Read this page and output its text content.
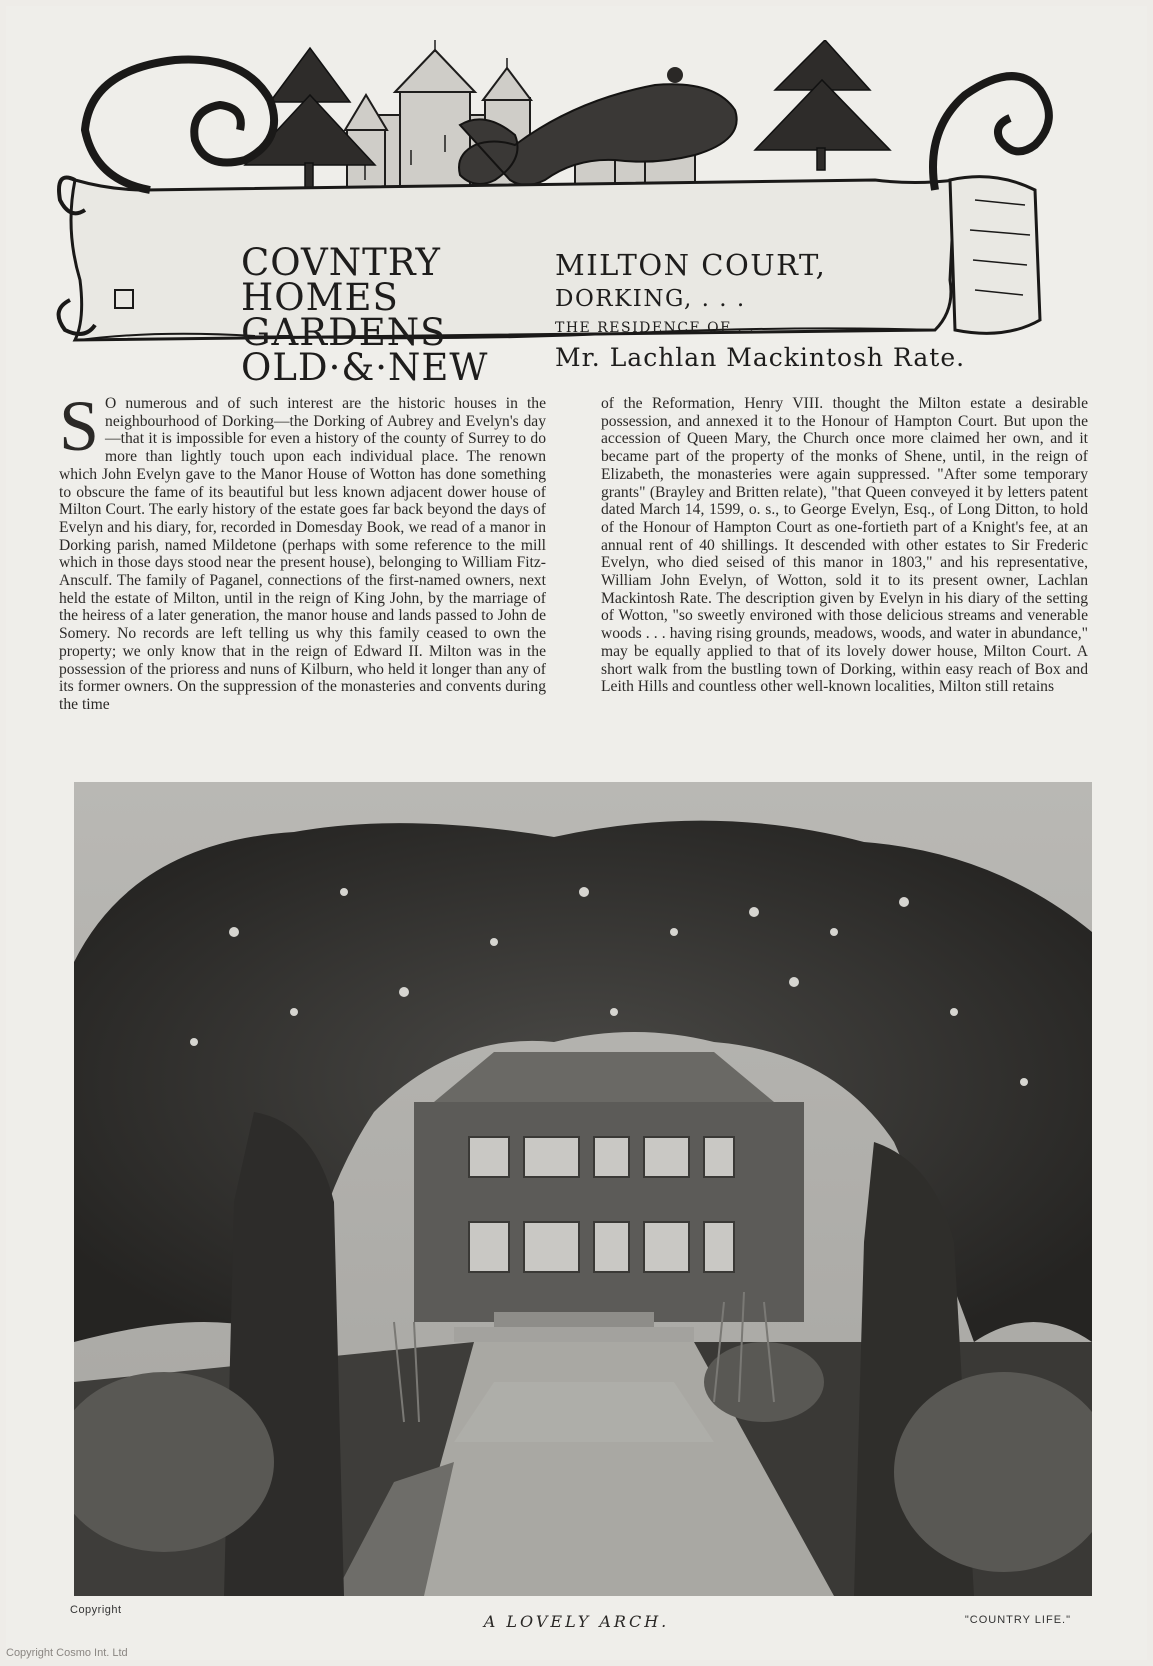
COVNTRY
HOMES
GARDENS
OLD·&·NEW
MILTON COURT,
DORKING, . . .
THE RESIDENCE OF . .
Mr. Lachlan Mackintosh Rate.
S O numerous and of such interest are the historic houses in the neighbourhood of Dorking—the Dorking of Aubrey and Evelyn's day—that it is impossible for even a history of the county of Surrey to do more than lightly touch upon each individual place. The renown which John Evelyn gave to the Manor House of Wotton has done something to obscure the fame of its beautiful but less known adjacent dower house of Milton Court. The early history of the estate goes far back beyond the days of Evelyn and his diary, for, recorded in Domesday Book, we read of a manor in Dorking parish, named Mildetone (perhaps with some reference to the mill which in those days stood near the present house), belonging to William Fitz-Ansculf. The family of Paganel, connections of the first-named owners, next held the estate of Milton, until in the reign of King John, by the marriage of the heiress of a later generation, the manor house and lands passed to John de Somery. No records are left telling us why this family ceased to own the property; we only know that in the reign of Edward II. Milton was in the possession of the prioress and nuns of Kilburn, who held it longer than any of its former owners. On the suppression of the monasteries and convents during the time

of the Reformation, Henry VIII. thought the Milton estate a desirable possession, and annexed it to the Honour of Hampton Court. But upon the accession of Queen Mary, the Church once more claimed her own, and it became part of the property of the monks of Shene, until, in the reign of Elizabeth, the monasteries were again suppressed. "After some temporary grants" (Brayley and Britten relate), "that Queen conveyed it by letters patent dated March 14, 1599, o. s., to George Evelyn, Esq., of Long Ditton, to hold of the Honour of Hampton Court as one-fortieth part of a Knight's fee, at an annual rent of 40 shillings. It descended with other estates to Sir Frederic Evelyn, who died seised of this manor in 1803," and his representative, William John Evelyn, of Wotton, sold it to its present owner, Lachlan Mackintosh Rate. The description given by Evelyn in his diary of the setting of Wotton, "so sweetly environed with those delicious streams and venerable woods . . . having rising grounds, meadows, woods, and water in abundance," may be equally applied to that of its lovely dower house, Milton Court. A short walk from the bustling town of Dorking, within easy reach of Box and Leith Hills and countless other well-known localities, Milton still retains

Copyright
A LOVELY ARCH.	"COUNTRY LIFE."
Copyright Cosmo Int. Ltd
